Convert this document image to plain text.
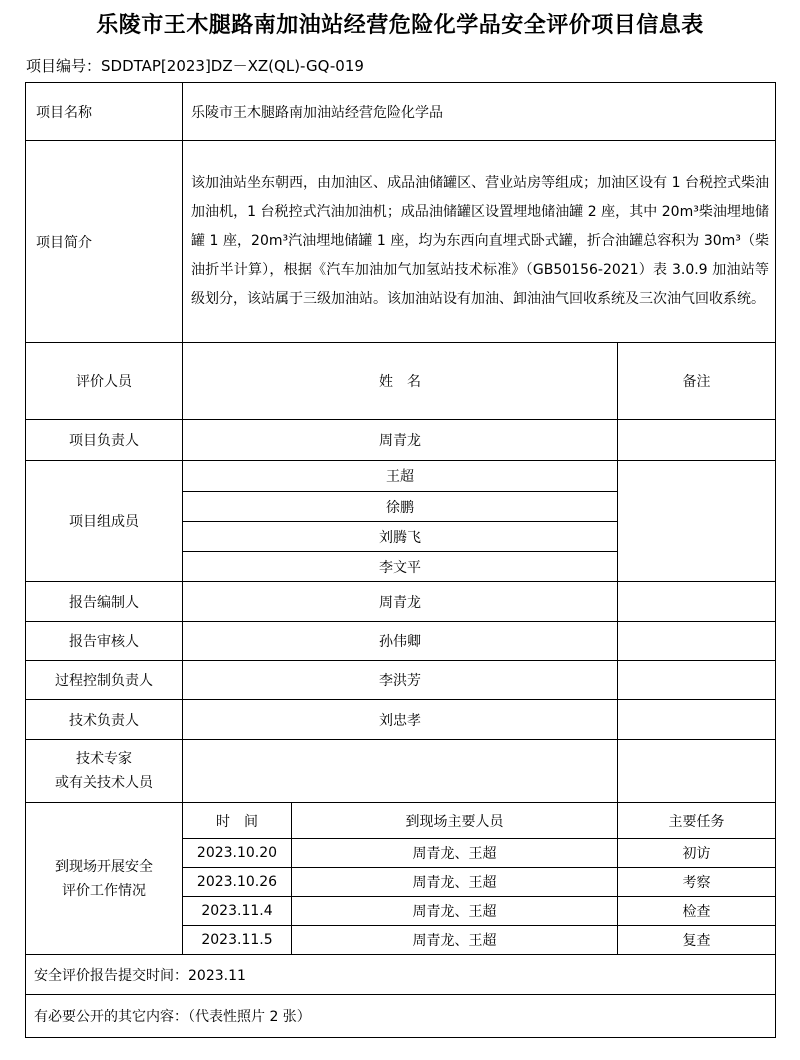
乐陵市王木腿路南加油站经营危险化学品安全评价项目信息表
项目编号：SDDTAP[2023]DZ－XZ(QL)-GQ-019
项目名称	乐陵市王木腿路南加油站经营危险化学品		
项目简介	该加油站坐东朝西，由加油区、成品油储罐区、营业站房等组成；加油区设有 1 台税控式柴油加油机，1 台税控式汽油加油机；成品油储罐区设置埋地储油罐 2 座，其中 20m³柴油埋地储罐 1 座，20m³汽油埋地储罐 1 座，均为东西向直埋式卧式罐，折合油罐总容积为 30m³（柴油折半计算），根据《汽车加油加气加氢站技术标准》（GB50156-2021）表 3.0.9 加油站等级划分，该站属于三级加油站。该加油站设有加油、卸油油气回收系统及三次油气回收系统。		
评价人员	姓　名		备注
项目负责人	周青龙		
项目组成员	王超		
	徐鹏		
	刘腾飞		
	李文平		
报告编制人	周青龙		
报告审核人	孙伟卿		
过程控制负责人	李洪芳		
技术负责人	刘忠孝		

技术专家
或有关技术人员			

到现场开展安全
评价工作情况	时　间	到现场主要人员	主要任务
	2023.10.20	周青龙、王超	初访
	2023.10.26	周青龙、王超	考察
	2023.11.4	周青龙、王超	检查
	2023.11.5	周青龙、王超	复查
安全评价报告提交时间：2023.11			
有必要公开的其它内容：（代表性照片 2 张）			
